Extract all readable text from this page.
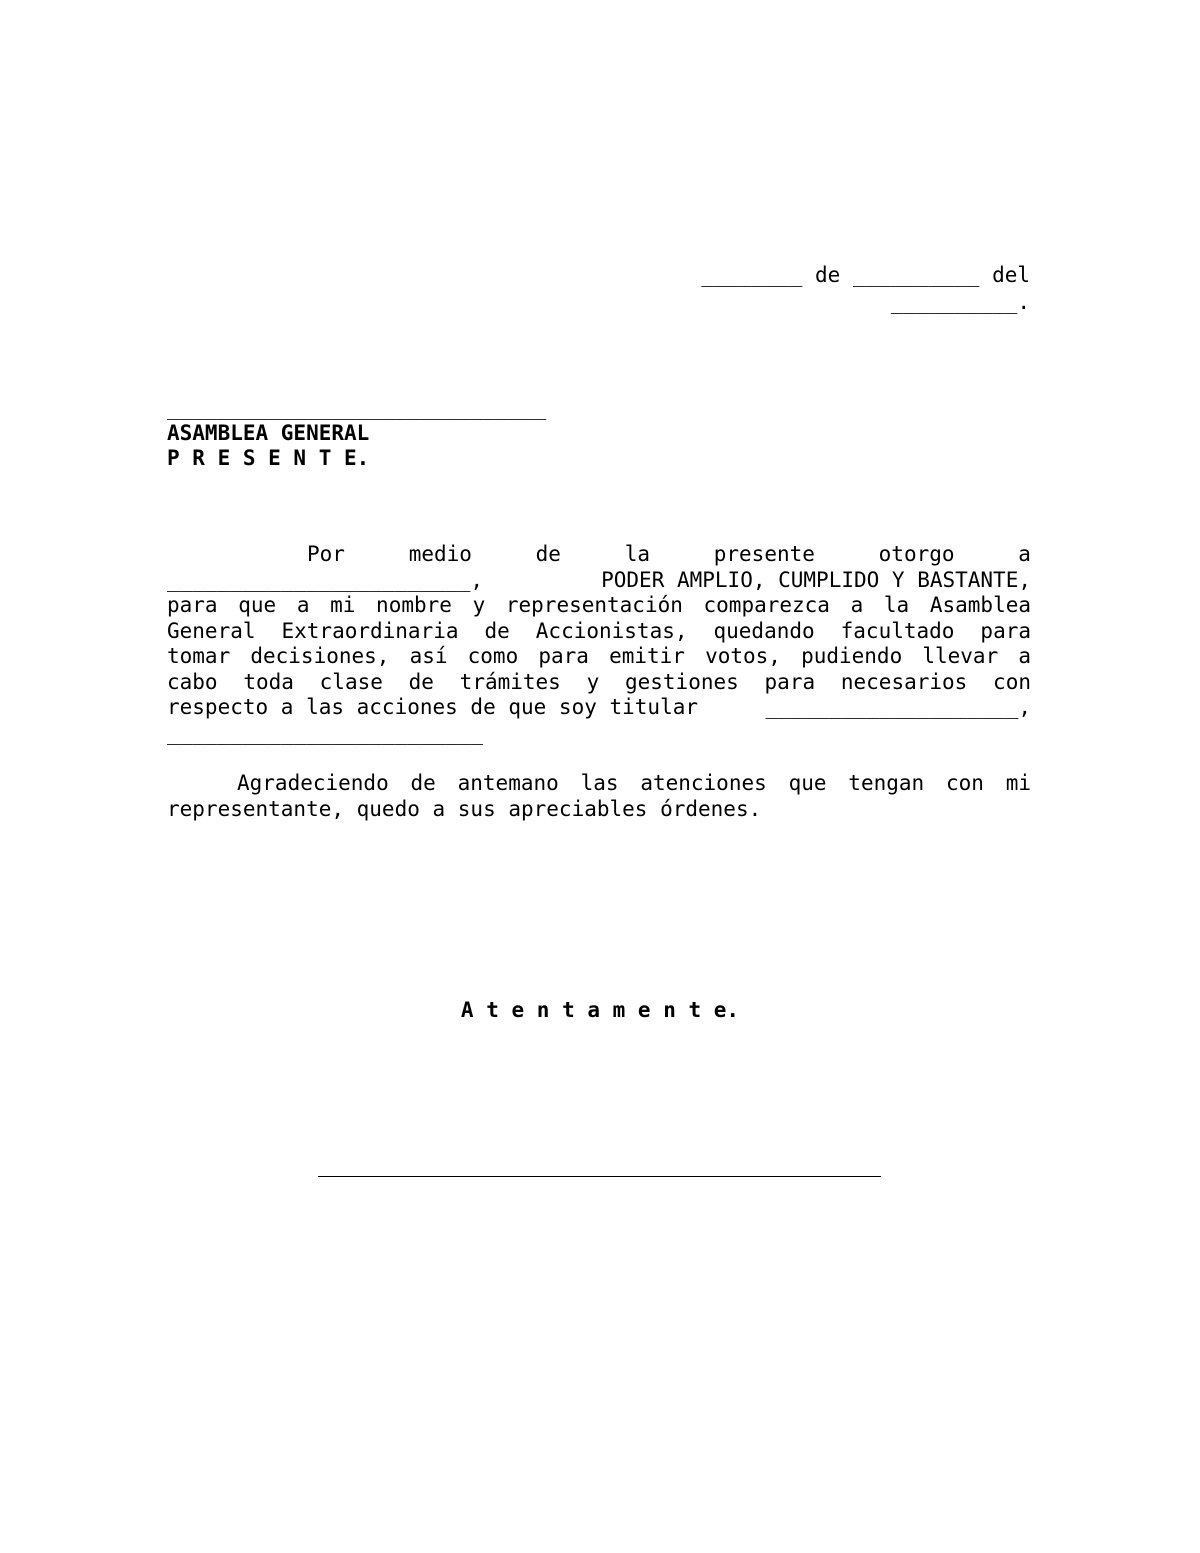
________ de __________ del
__________.
______________________________
ASAMBLEA GENERAL
P R E S E N T E.
Por	medio	de	la	presente	otorgo	a
________________________,	PODER AMPLIO, CUMPLIDO Y BASTANTE,

para que a mi nombre y representación comparezca a la Asamblea

General Extraordinaria de Accionistas, quedando facultado para

tomar decisiones, así como para emitir votos, pudiendo llevar a

cabo toda clase de trámites y gestiones para necesarios con

respecto a las acciones de que soy titular	____________________,
_________________________

Agradeciendo de antemano las atenciones que tengan con mi

representante, quedo a sus apreciables órdenes.

A t e n t a m e n t e.
